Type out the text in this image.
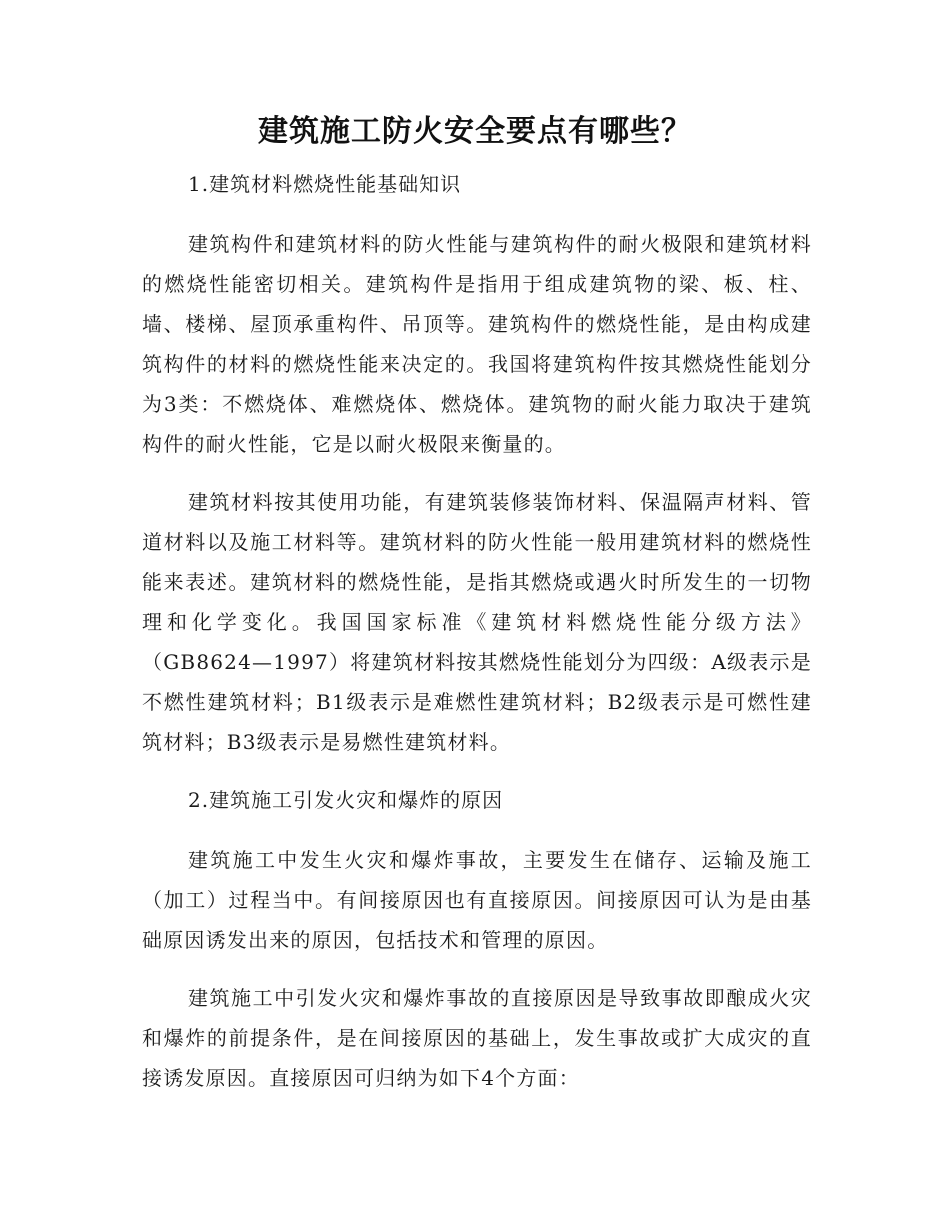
建筑施工防火安全要点有哪些？
1.建筑材料燃烧性能基础知识

建筑构件和建筑材料的防火性能与建筑构件的耐火极限和建筑材料的燃烧性能密切相关。建筑构件是指用于组成建筑物的梁、板、柱、墙、楼梯、屋顶承重构件、吊顶等。建筑构件的燃烧性能，是由构成建筑构件的材料的燃烧性能来决定的。我国将建筑构件按其燃烧性能划分为3类：不燃烧体、难燃烧体、燃烧体。建筑物的耐火能力取决于建筑构件的耐火性能，它是以耐火极限来衡量的。

建筑材料按其使用功能，有建筑装修装饰材料、保温隔声材料、管道材料以及施工材料等。建筑材料的防火性能一般用建筑材料的燃烧性能来表述。建筑材料的燃烧性能，是指其燃烧或遇火时所发生的一切物理和化学变化。我国国家标准《建筑材料燃烧性能分级方法》（GB8624—1997）将建筑材料按其燃烧性能划分为四级：A级表示是不燃性建筑材料；B1级表示是难燃性建筑材料；B2级表示是可燃性建筑材料；B3级表示是易燃性建筑材料。

2.建筑施工引发火灾和爆炸的原因

建筑施工中发生火灾和爆炸事故，主要发生在储存、运输及施工（加工）过程当中。有间接原因也有直接原因。间接原因可认为是由基础原因诱发出来的原因，包括技术和管理的原因。

建筑施工中引发火灾和爆炸事故的直接原因是导致事故即酿成火灾和爆炸的前提条件，是在间接原因的基础上，发生事故或扩大成灾的直接诱发原因。直接原因可归纳为如下4个方面：
